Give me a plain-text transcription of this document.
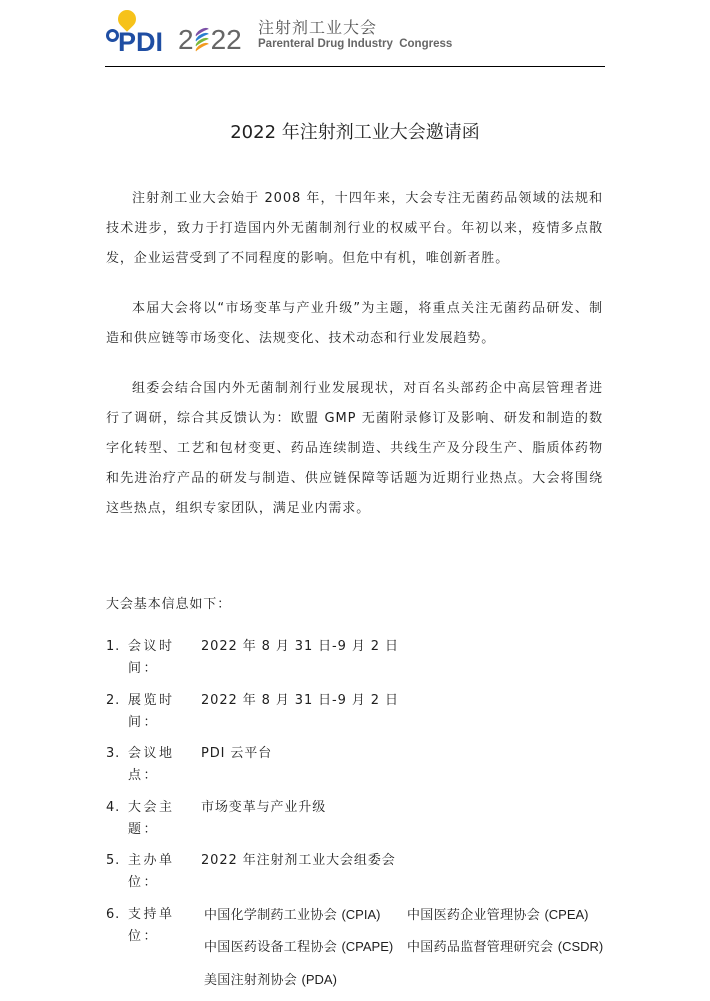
PDI 2 22 注射剂工业大会
Parenteral Drug Industry  Congress
2022 年注射剂工业大会邀请函

注射剂工业大会始于 2008 年，十四年来，大会专注无菌药品领域的法规和技术进步，致力于打造国内外无菌制剂行业的权威平台。年初以来，疫情多点散发，企业运营受到了不同程度的影响。但危中有机，唯创新者胜。

本届大会将以“市场变革与产业升级”为主题，将重点关注无菌药品研发、制造和供应链等市场变化、法规变化、技术动态和行业发展趋势。

组委会结合国内外无菌制剂行业发展现状，对百名头部药企中高层管理者进行了调研，综合其反馈认为：欧盟 GMP 无菌附录修订及影响、研发和制造的数字化转型、工艺和包材变更、药品连续制造、共线生产及分段生产、脂质体药物和先进治疗产品的研发与制造、供应链保障等话题为近期行业热点。大会将围绕这些热点，组织专家团队，满足业内需求。

大会基本信息如下：
1. 会议时间：
2022 年 8 月 31 日-9 月 2 日
2. 展览时间：
2022 年 8 月 31 日-9 月 2 日
3. 会议地点：
PDI 云平台
4. 大会主题：
市场变革与产业升级
5. 主办单位：
2022 年注射剂工业大会组委会
6. 支持单位：
中国化学制药工业协会 (CPIA)	中国医药企业管理协会 (CPEA)
中国医药设备工程协会 (CPAPE)	中国药品监督管理研究会 (CSDR)
美国注射剂协会 (PDA)
